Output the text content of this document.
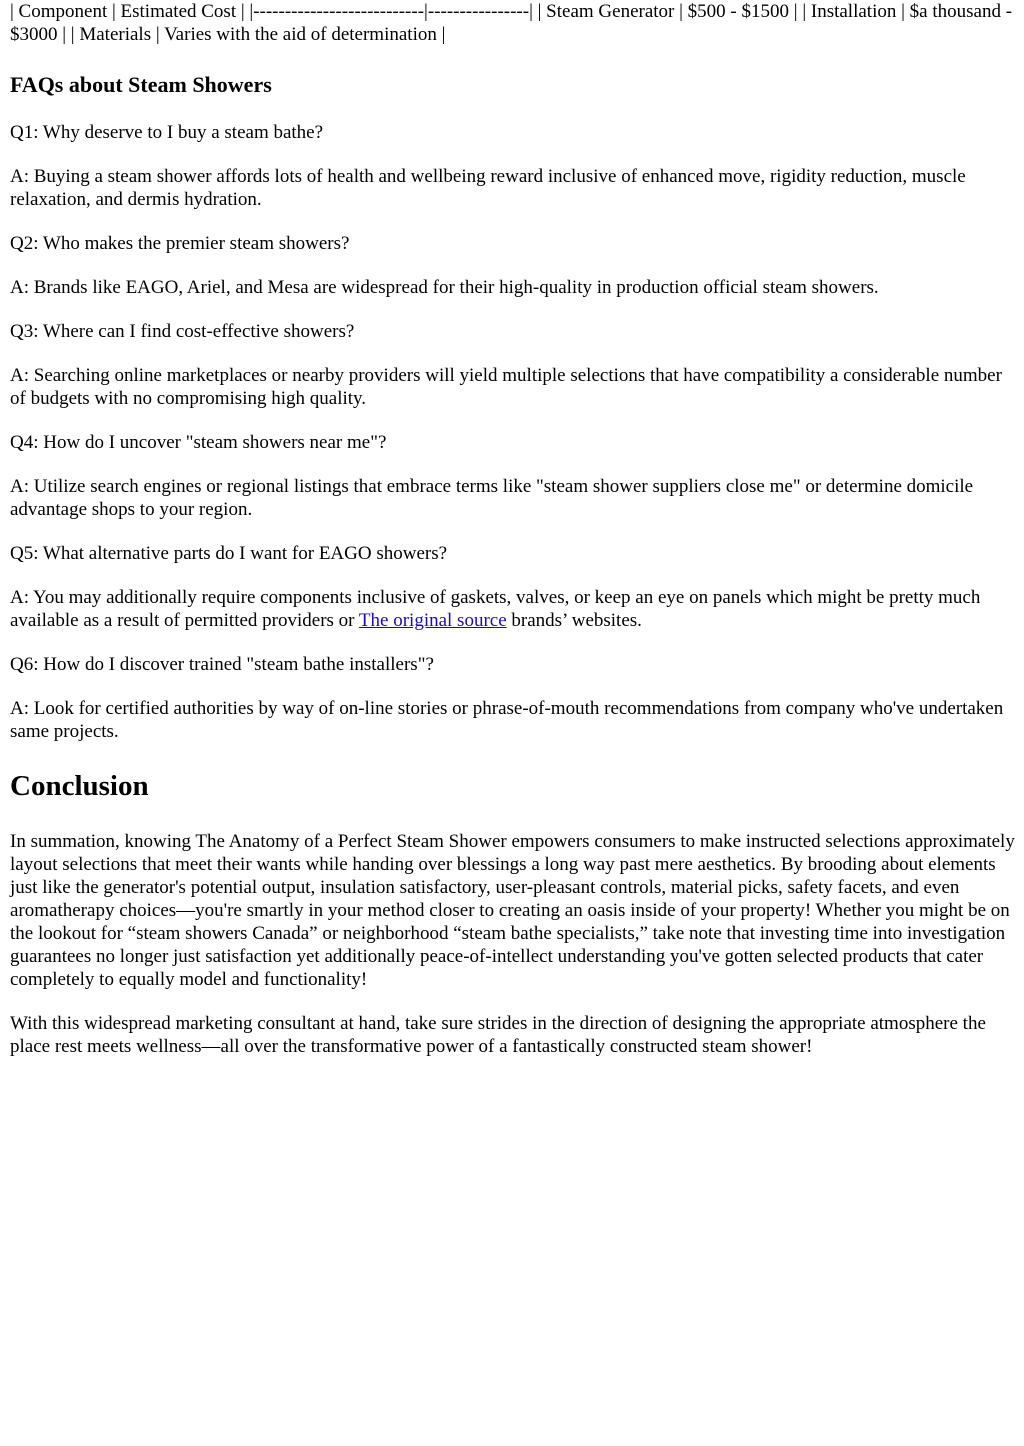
| Component | Estimated Cost | |---------------------------|----------------| | Steam Generator | $500 - $1500 | | Installation | $a thousand - $3000 | | Materials | Varies with the aid of determination |

FAQs about Steam Showers

Q1: Why deserve to I buy a steam bathe?

A: Buying a steam shower affords lots of health and wellbeing reward inclusive of enhanced move, rigidity reduction, muscle relaxation, and dermis hydration.

Q2: Who makes the premier steam showers?

A: Brands like EAGO, Ariel, and Mesa are widespread for their high-quality in production official steam showers.

Q3: Where can I find cost-effective showers?

A: Searching online marketplaces or nearby providers will yield multiple selections that have compatibility a considerable number of budgets with no compromising high quality.

Q4: How do I uncover "steam showers near me"?

A: Utilize search engines or regional listings that embrace terms like "steam shower suppliers close me" or determine domicile advantage shops to your region.

Q5: What alternative parts do I want for EAGO showers?

A: You may additionally require components inclusive of gaskets, valves, or keep an eye on panels which might be pretty much available as a result of permitted providers or The original source brands’ websites.

Q6: How do I discover trained "steam bathe installers"?

A: Look for certified authorities by way of on-line stories or phrase-of-mouth recommendations from company who've undertaken same projects.

Conclusion

In summation, knowing The Anatomy of a Perfect Steam Shower empowers consumers to make instructed selections approximately layout selections that meet their wants while handing over blessings a long way past mere aesthetics. By brooding about elements just like the generator's potential output, insulation satisfactory, user-pleasant controls, material picks, safety facets, and even aromatherapy choices—you're smartly in your method closer to creating an oasis inside of your property! Whether you might be on the lookout for “steam showers Canada” or neighborhood “steam bathe specialists,” take note that investing time into investigation guarantees no longer just satisfaction yet additionally peace-of-intellect understanding you've gotten selected products that cater completely to equally model and functionality!

With this widespread marketing consultant at hand, take sure strides in the direction of designing the appropriate atmosphere the place rest meets wellness—all over the transformative power of a fantastically constructed steam shower!
